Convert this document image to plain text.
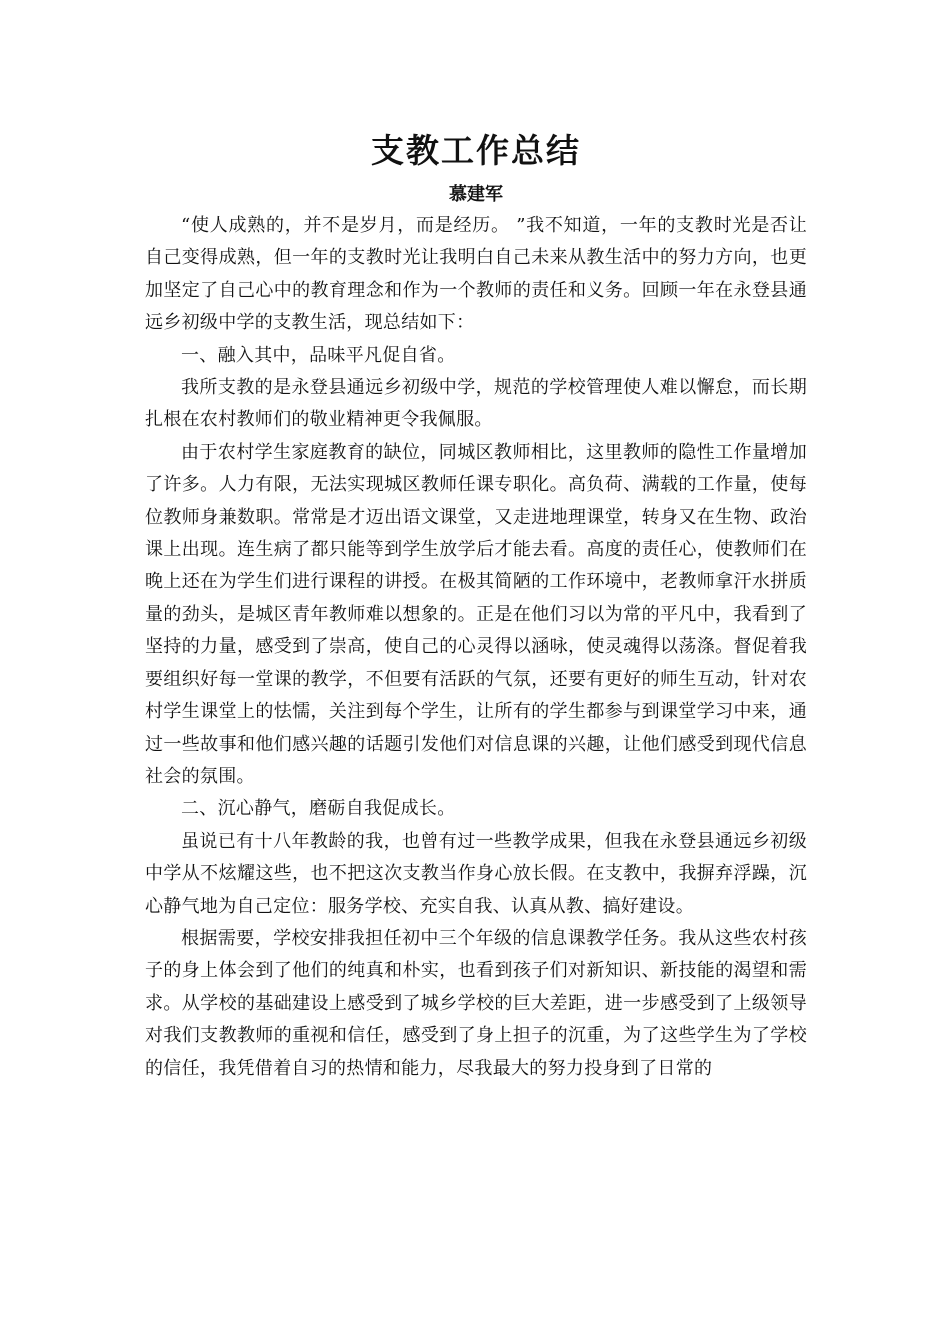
支教工作总结
慕建军

“使人成熟的，并不是岁月，而是经历。 ”我不知道，一年的支教时光是否让自己变得成熟，但一年的支教时光让我明白自己未来从教生活中的努力方向，也更加坚定了自己心中的教育理念和作为一个教师的责任和义务。回顾一年在永登县通远乡初级中学的支教生活，现总结如下：

一、融入其中，品味平凡促自省。

我所支教的是永登县通远乡初级中学，规范的学校管理使人难以懈怠，而长期扎根在农村教师们的敬业精神更令我佩服。

由于农村学生家庭教育的缺位，同城区教师相比，这里教师的隐性工作量增加了许多。人力有限，无法实现城区教师任课专职化。高负荷、满载的工作量，使每位教师身兼数职。常常是才迈出语文课堂，又走进地理课堂，转身又在生物、政治课上出现。连生病了都只能等到学生放学后才能去看。高度的责任心，使教师们在晚上还在为学生们进行课程的讲授。在极其简陋的工作环境中，老教师拿汗水拼质量的劲头，是城区青年教师难以想象的。正是在他们习以为常的平凡中，我看到了坚持的力量，感受到了崇高，使自己的心灵得以涵咏，使灵魂得以荡涤。督促着我要组织好每一堂课的教学，不但要有活跃的气氛，还要有更好的师生互动，针对农村学生课堂上的怯懦，关注到每个学生，让所有的学生都参与到课堂学习中来，通过一些故事和他们感兴趣的话题引发他们对信息课的兴趣，让他们感受到现代信息社会的氛围。

二、沉心静气，磨砺自我促成长。

虽说已有十八年教龄的我，也曾有过一些教学成果，但我在永登县通远乡初级中学从不炫耀这些，也不把这次支教当作身心放长假。在支教中，我摒弃浮躁，沉心静气地为自己定位：服务学校、充实自我、认真从教、搞好建设。

根据需要，学校安排我担任初中三个年级的信息课教学任务。我从这些农村孩子的身上体会到了他们的纯真和朴实，也看到孩子们对新知识、新技能的渴望和需求。从学校的基础建设上感受到了城乡学校的巨大差距，进一步感受到了上级领导对我们支教教师的重视和信任，感受到了身上担子的沉重，为了这些学生为了学校的信任，我凭借着自习的热情和能力，尽我最大的努力投身到了日常的
